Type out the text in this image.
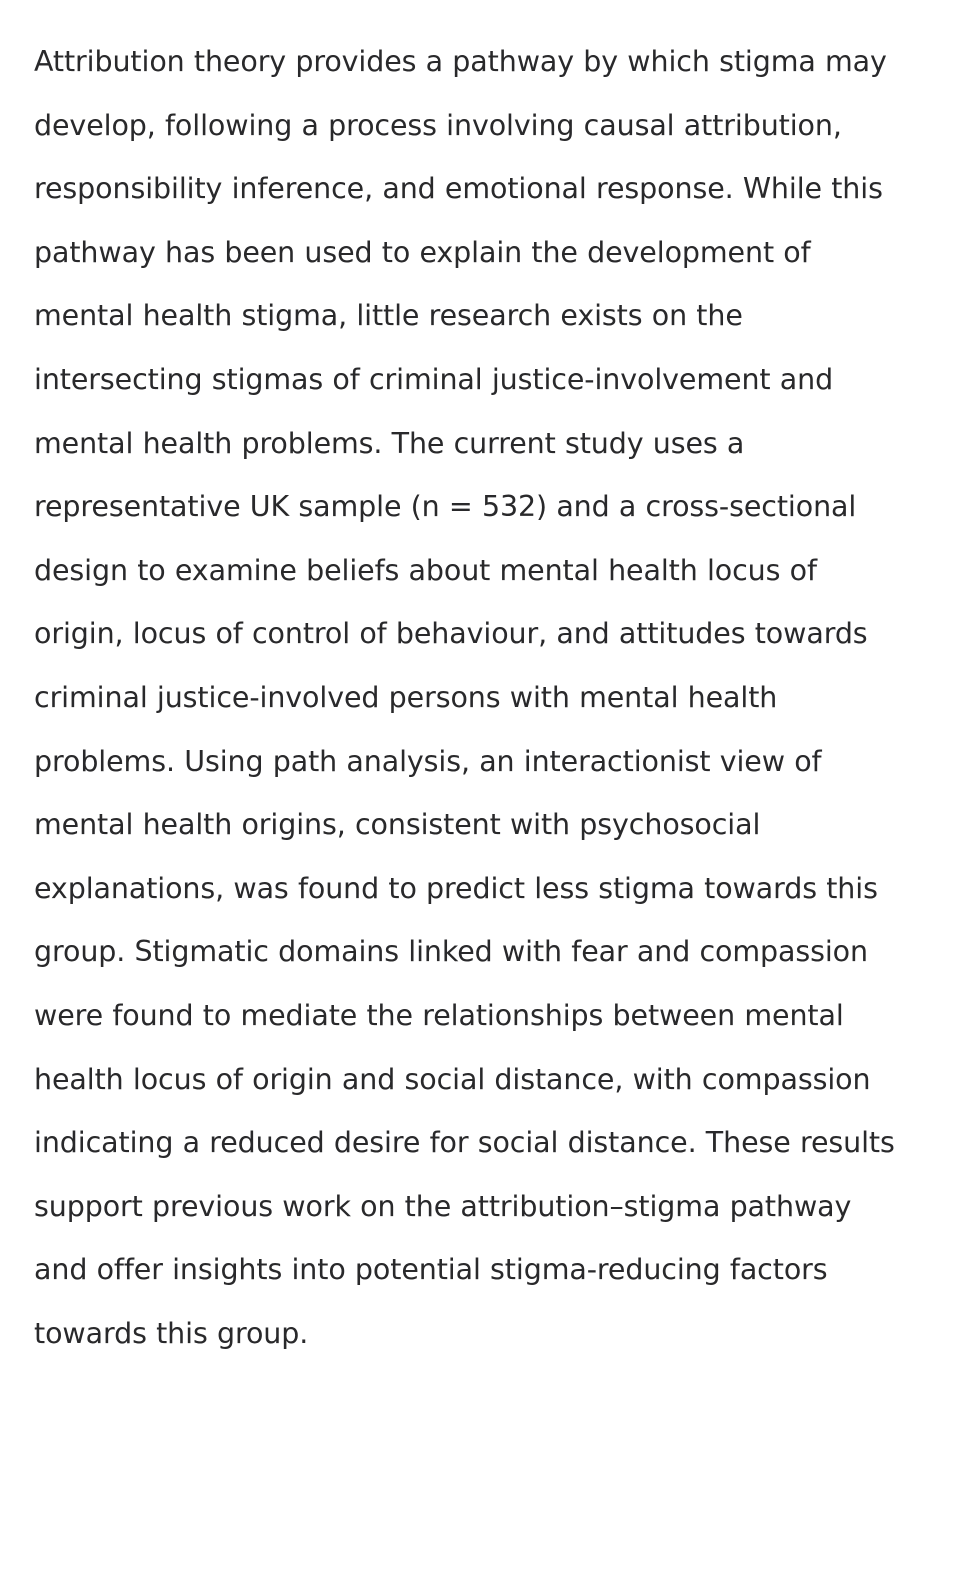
Attribution theory provides a pathway by which stigma may develop, following a process involving causal attribution, responsibility inference, and emotional response. While this pathway has been used to explain the development of mental health stigma, little research exists on the intersecting stigmas of criminal justice-involvement and mental health problems. The current study uses a representative UK sample (n = 532) and a cross-sectional design to examine beliefs about mental health locus of origin, locus of control of behaviour, and attitudes towards criminal justice-involved persons with mental health problems. Using path analysis, an interactionist view of mental health origins, consistent with psychosocial explanations, was found to predict less stigma towards this group. Stigmatic domains linked with fear and compassion were found to mediate the relationships between mental health locus of origin and social distance, with compassion indicating a reduced desire for social distance. These results support previous work on the attribution–stigma pathway and offer insights into potential stigma-reducing factors towards this group.
